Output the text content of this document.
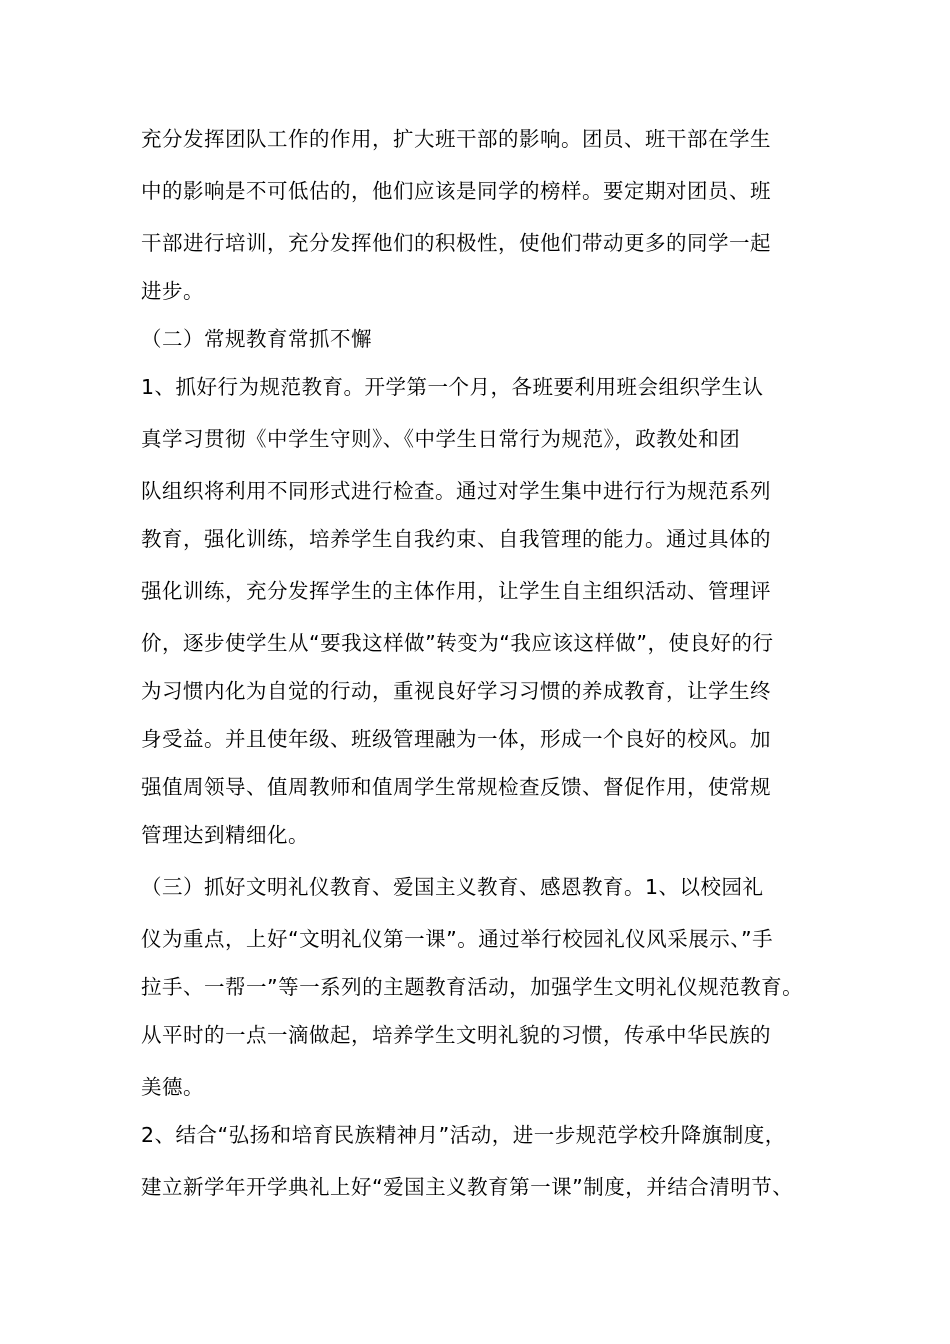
充分发挥团队工作的作用，扩大班干部的影响。团员、班干部在学生
中的影响是不可低估的，他们应该是同学的榜样。要定期对团员、班
干部进行培训，充分发挥他们的积极性，使他们带动更多的同学一起
进步。
（二）常规教育常抓不懈
1、抓好行为规范教育。开学第一个月，各班要利用班会组织学生认
真学习贯彻《中学生守则》、《中学生日常行为规范》，政教处和团
队组织将利用不同形式进行检查。通过对学生集中进行行为规范系列
教育，强化训练，培养学生自我约束、自我管理的能力。通过具体的
强化训练，充分发挥学生的主体作用，让学生自主组织活动、管理评
价，逐步使学生从“要我这样做”转变为“我应该这样做”，使良好的行
为习惯内化为自觉的行动，重视良好学习习惯的养成教育，让学生终
身受益。并且使年级、班级管理融为一体，形成一个良好的校风。加
强值周领导、值周教师和值周学生常规检查反馈、督促作用，使常规
管理达到精细化。
（三）抓好文明礼仪教育、爱国主义教育、感恩教育。1、以校园礼
仪为重点，上好“文明礼仪第一课”。通过举行校园礼仪风采展示、”手
拉手、一帮一”等一系列的主题教育活动，加强学生文明礼仪规范教育。
从平时的一点一滴做起，培养学生文明礼貌的习惯，传承中华民族的
美德。
2、结合“弘扬和培育民族精神月”活动，进一步规范学校升降旗制度，
建立新学年开学典礼上好“爱国主义教育第一课”制度，并结合清明节、
